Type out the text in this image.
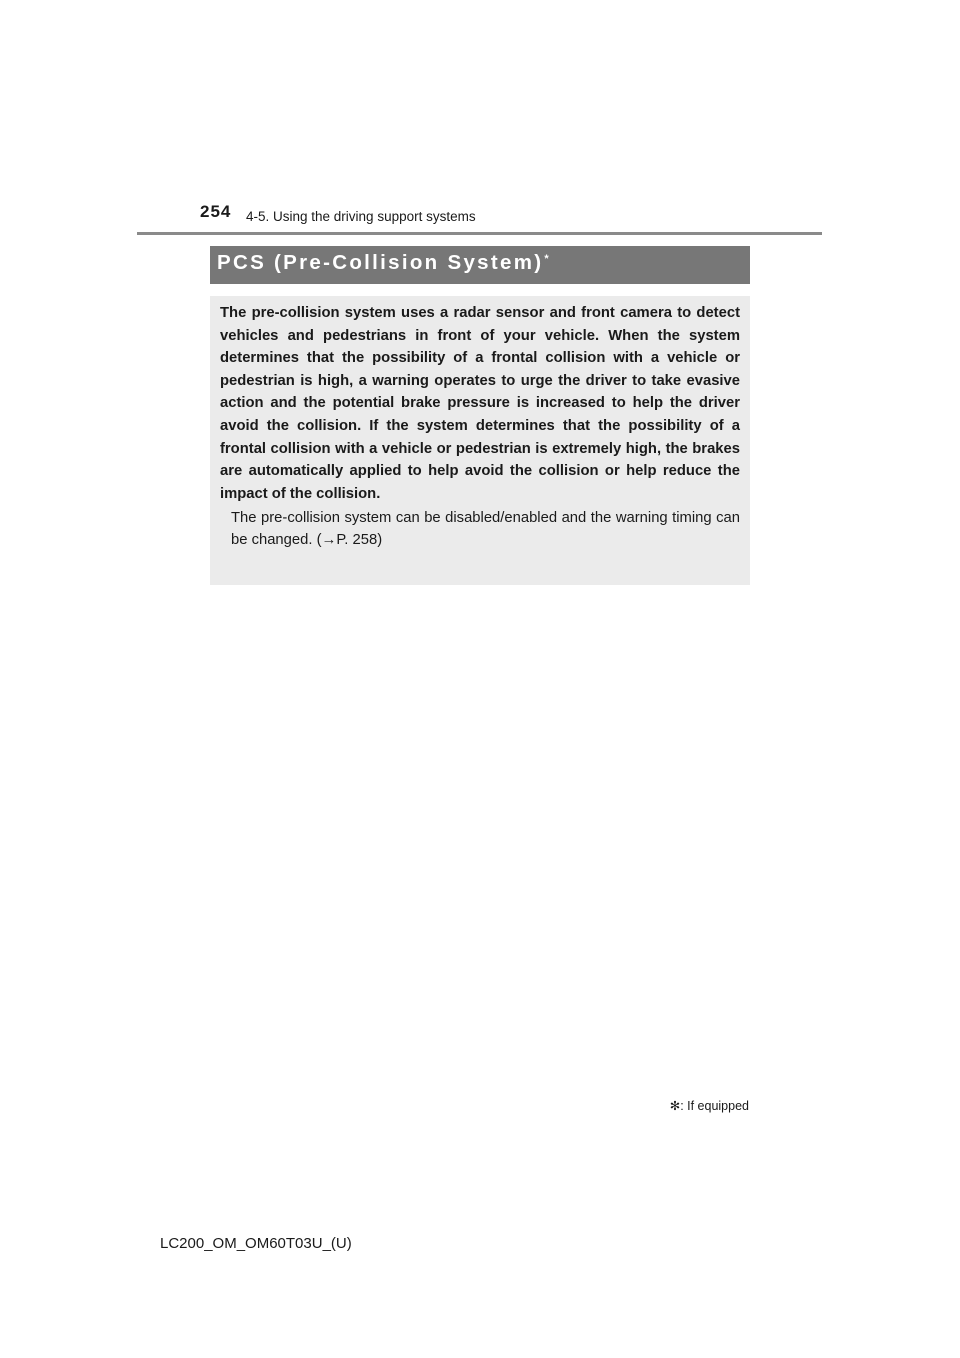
254 4-5. Using the driving support systems
PCS (Pre-Collision System)*

The pre-collision system uses a radar sensor and front camera to detect vehicles and pedestrians in front of your vehicle. When the system determines that the possibility of a frontal collision with a vehicle or pedestrian is high, a warning operates to urge the driver to take evasive action and the potential brake pressure is increased to help the driver avoid the collision. If the system determines that the possibility of a frontal collision with a vehicle or pedestrian is extremely high, the brakes are automatically applied to help avoid the collision or help reduce the impact of the collision.

The pre-collision system can be disabled/enabled and the warning timing can be changed. (→P. 258)

✻: If equipped
LC200_OM_OM60T03U_(U)
